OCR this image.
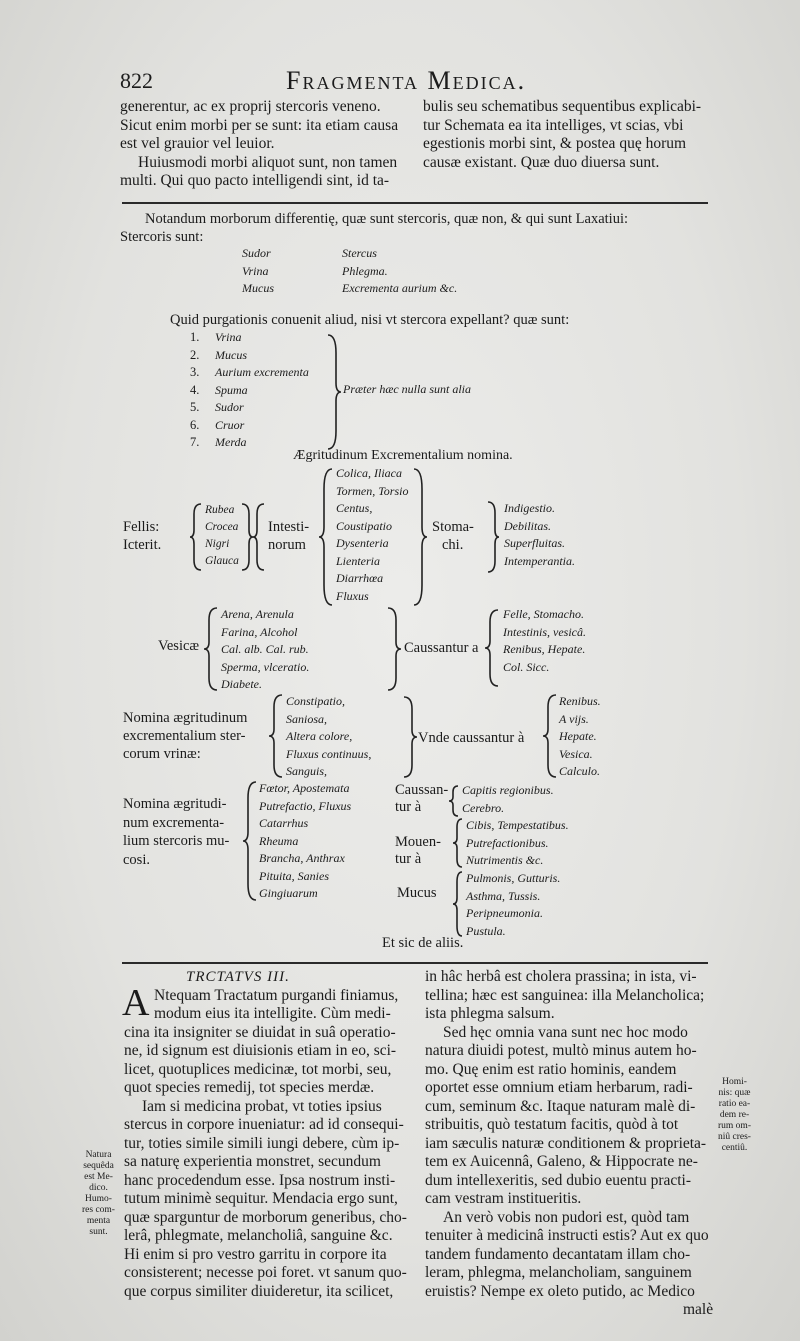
822	Fragmenta Medica.
generentur, ac ex proprij stercoris veneno.
Sicut enim morbi per se sunt: ita etiam causa
est vel grauior vel leuior.
Huiusmodi morbi aliquot sunt, non tamen
multi. Qui quo pacto intelligendi sint, id ta-
bulis seu schematibus sequentibus explicabi-
tur Schemata ea ita intelliges, vt scias, vbi
egestionis morbi sint, & postea quę horum
causæ existant. Quæ duo diuersa sunt.
Notandum morborum differentię, quæ sunt stercoris, quæ non, & qui sunt Laxatiui:
Stercoris sunt:
Sudor
Vrina
Mucus
Stercus
Phlegma.
Excrementa aurium &c.
Quid purgationis conuenit aliud, nisi vt stercora expellant? quæ sunt:
1.
2.
3.
4.
5.
6.
7.
Vrina
Mucus
Aurium excrementa
Spuma
Sudor
Cruor
Merda
Præter hæc nulla sunt alia
Ægritudinum Excrementalium nomina.
Colica, Iliaca
Tormen, Torsio
Centus,
Coustipatio
Dysenteria
Lienteria
Diarrhœa
Fluxus
Fellis:
Icterit.
Rubea
Crocea
Nigri
Glauca
Intesti-
norum
Stoma-
chi.
Indigestio.
Debilitas.
Superfluitas.
Intemperantia.
Vesicæ
Arena, Arenula
Farina, Alcohol
Cal. alb. Cal. rub.
Sperma, vlceratio.
Diabete.
Caussantur a
Felle, Stomacho.
Intestinis, vesicâ.
Renibus, Hepate.
Col. Sicc.
Nomina ægritudinum
excrementalium ster-
corum vrinæ:
Constipatio,
Saniosa,
Altera colore,
Fluxus continuus,
Sanguis,
Vnde caussantur à
Renibus.
A vijs.
Hepate.
Vesica.
Calculo.
Nomina ægritudi-
num excrementa-
lium stercoris mu-
cosi.
Fœtor, Apostemata
Putrefactio, Fluxus
Catarrhus
Rheuma
Brancha, Anthrax
Pituita, Sanies
Gingiuarum
Caussan-
tur à
Capitis regionibus.
Cerebro.
Mouen-
tur à
Cibis, Tempestatibus.
Putrefactionibus.
Nutrimentis &c.
Mucus
Pulmonis, Gutturis.
Asthma, Tussis.
Peripneumonia.
Pustula.
Et sic de aliis.
TRCTATVS III.
A Ntequam Tractatum purgandi finiamus,
modum eius ita intelligite. Cùm medi-
cina ita insigniter se diuidat in suâ operatio-
ne, id signum est diuisionis etiam in eo, sci-
licet, quotuplices medicinæ, tot morbi, seu,
quot species remedij, tot species merdæ.
Iam si medicina probat, vt toties ipsius
stercus in corpore inueniatur: ad id consequi-
tur, toties simile simili iungi debere, cùm ip-
sa naturę experientia monstret, secundum
hanc procedendum esse. Ipsa nostrum insti-
tutum minimè sequitur. Mendacia ergo sunt,
quæ sparguntur de morborum generibus, cho-
lerâ, phlegmate, melancholiâ, sanguine &c.
Hi enim si pro vestro garritu in corpore ita
consisterent; necesse poi foret. vt sanum quo-
que corpus similiter diuideretur, ita scilicet,
in hâc herbâ est cholera prassina; in ista, vi-
tellina; hæc est sanguinea: illa Melancholica;
ista phlegma salsum.
Sed hęc omnia vana sunt nec hoc modo
natura diuidi potest, multò minus autem ho-
mo. Quę enim est ratio hominis, eandem
oportet esse omnium etiam herbarum, radi-
cum, seminum &c. Itaque naturam malè di-
stribuitis, quò testatum facitis, quòd à tot
iam sæculis naturæ conditionem & proprieta-
tem ex Auicennâ, Galeno, & Hippocrate ne-
dum intellexeritis, sed dubio euentu practi-
cam vestram institueritis.
An verò vobis non pudori est, quòd tam
tenuiter à medicinâ instructi estis? Aut ex quo
tandem fundamento decantatam illam cho-
leram, phlegma, melancholiam, sanguinem
eruistis? Nempe ex oleto putido, ac Medico
malè
Natura
sequêda
est Me-
dico.
Humo-
res com-
menta
sunt.
Homi-
nis: quæ
ratio ea-
dem re-
rum om-
niû cres-
centiû.
